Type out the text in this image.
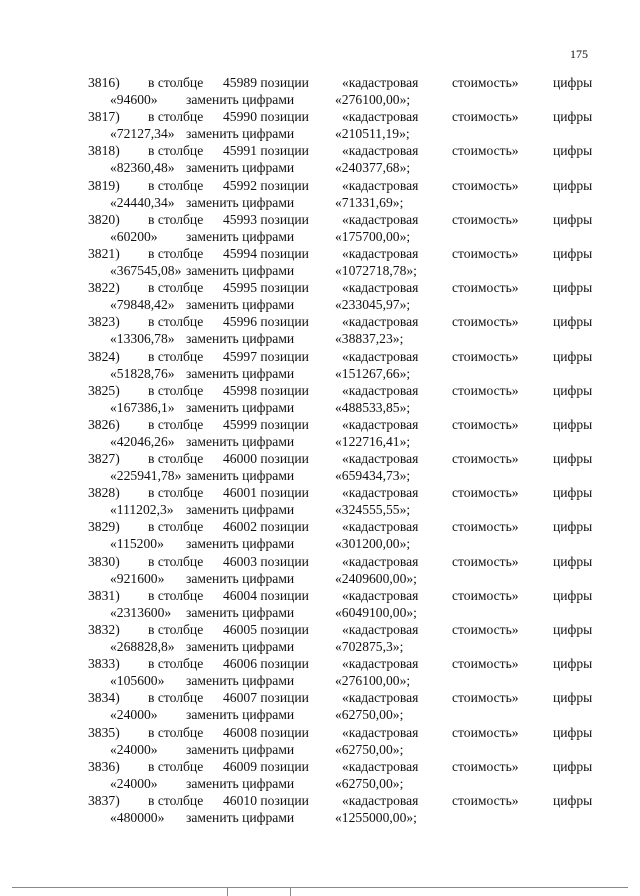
175
3816) в столбце 45989 позиции «кадастровая стоимость»	цифры
«94600» заменить цифрами	«276100,00»;
3817) в столбце 45990 позиции «кадастровая стоимость»	цифры
«72127,34» заменить цифрами	«210511,19»;
3818) в столбце 45991 позиции «кадастровая стоимость»	цифры
«82360,48» заменить цифрами	«240377,68»;
3819) в столбце 45992 позиции «кадастровая стоимость»	цифры
«24440,34» заменить цифрами	«71331,69»;
3820) в столбце 45993 позиции «кадастровая стоимость»	цифры
«60200» заменить цифрами	«175700,00»;
3821) в столбце 45994 позиции «кадастровая стоимость»	цифры
«367545,08» заменить цифрами	«1072718,78»;
3822) в столбце 45995 позиции «кадастровая стоимость»	цифры
«79848,42» заменить цифрами	«233045,97»;
3823) в столбце 45996 позиции «кадастровая стоимость»	цифры
«13306,78» заменить цифрами	«38837,23»;
3824) в столбце 45997 позиции «кадастровая стоимость»	цифры
«51828,76» заменить цифрами	«151267,66»;
3825) в столбце 45998 позиции «кадастровая стоимость»	цифры
«167386,1» заменить цифрами	«488533,85»;
3826) в столбце 45999 позиции «кадастровая стоимость»	цифры
«42046,26» заменить цифрами	«122716,41»;
3827) в столбце 46000 позиции «кадастровая стоимость»	цифры
«225941,78» заменить цифрами	«659434,73»;
3828) в столбце 46001 позиции «кадастровая стоимость»	цифры
«111202,3» заменить цифрами	«324555,55»;
3829) в столбце 46002 позиции «кадастровая стоимость»	цифры
«115200» заменить цифрами	«301200,00»;
3830) в столбце 46003 позиции «кадастровая стоимость»	цифры
«921600» заменить цифрами	«2409600,00»;
3831) в столбце 46004 позиции «кадастровая стоимость»	цифры
«2313600» заменить цифрами	«6049100,00»;
3832) в столбце 46005 позиции «кадастровая стоимость»	цифры
«268828,8» заменить цифрами	«702875,3»;
3833) в столбце 46006 позиции «кадастровая стоимость»	цифры
«105600» заменить цифрами	«276100,00»;
3834) в столбце 46007 позиции «кадастровая стоимость»	цифры
«24000» заменить цифрами	«62750,00»;
3835) в столбце 46008 позиции «кадастровая стоимость»	цифры
«24000» заменить цифрами	«62750,00»;
3836) в столбце 46009 позиции «кадастровая стоимость»	цифры
«24000» заменить цифрами	«62750,00»;
3837) в столбце 46010 позиции «кадастровая стоимость»	цифры
«480000» заменить цифрами	«1255000,00»;
